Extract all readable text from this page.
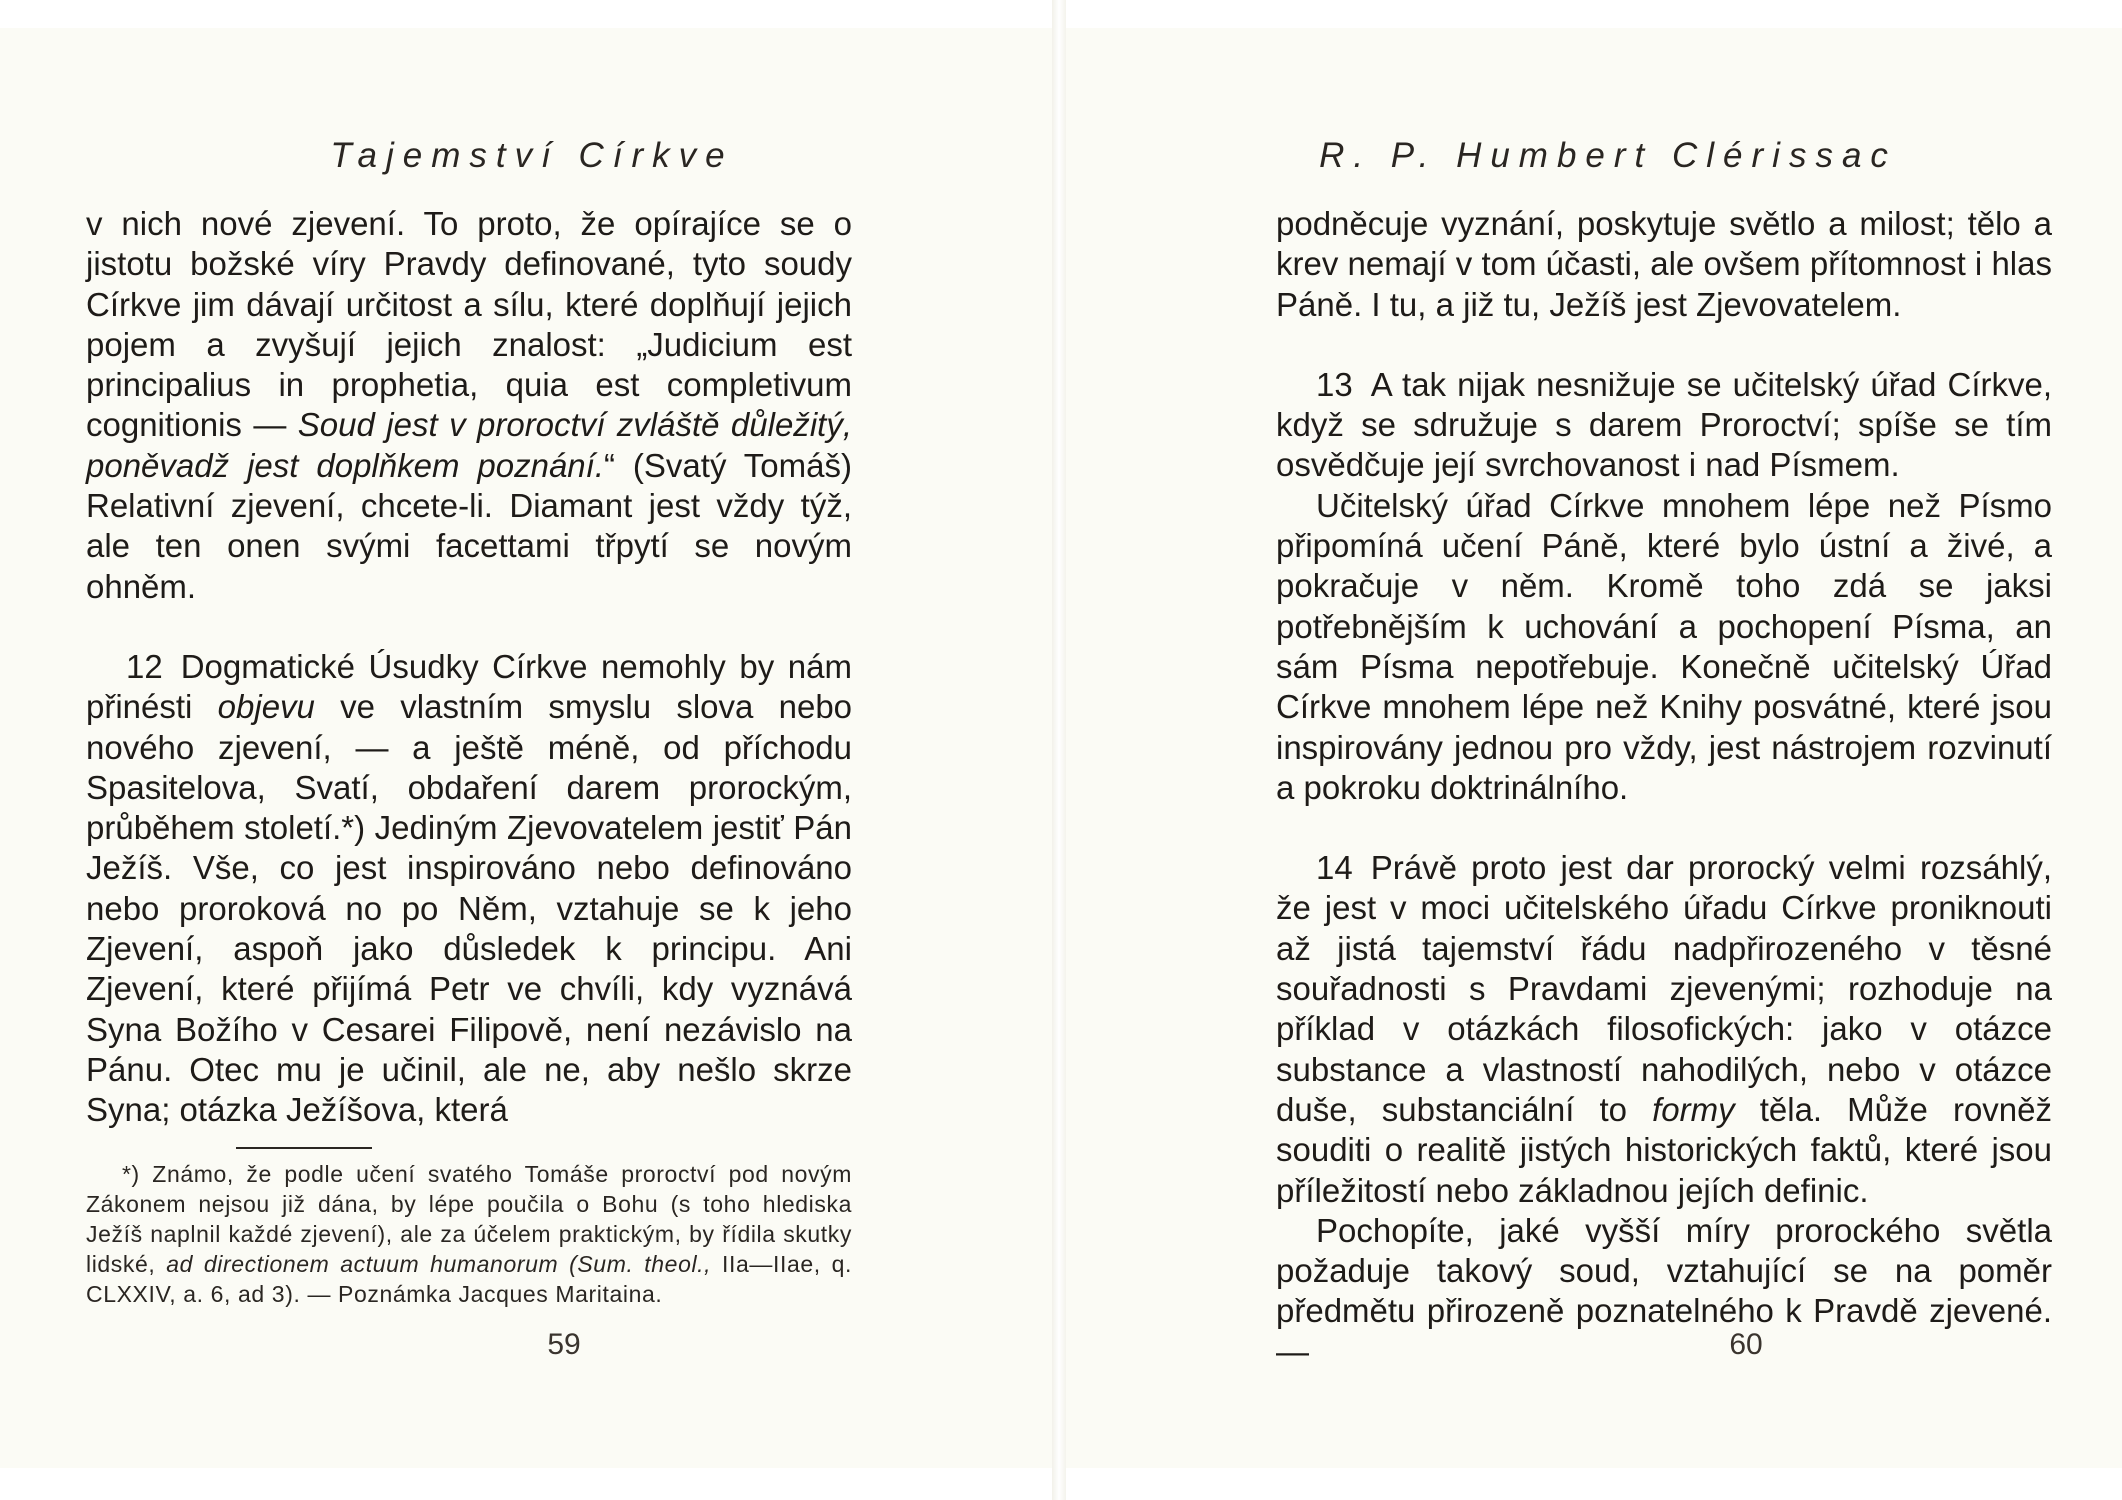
Tajemství Církve

v nich nové zjevení. To proto, že opírajíce se o jistotu božské víry Pravdy definované, tyto soudy Církve jim dávají určitost a sílu, které doplňují jejich pojem a zvyšují jejich znalost: „Judicium est principalius in prophetia, quia est completivum cognitionis — Soud jest v proroctví zvláště důležitý, poněvadž jest doplňkem poznání.“ (Svatý Tomáš) Relativní zjevení, chcete-li. Diamant jest vždy týž, ale ten onen svými facettami třpytí se novým ohněm.

12 Dogmatické Úsudky Církve nemohly by nám přinésti objevu ve vlastním smyslu slova nebo nového zjevení, — a ještě méně, od příchodu Spasitelova, Svatí, obdaření darem prorockým, průběhem století.*) Jediným Zjevovatelem jestiť Pán Ježíš. Vše, co jest inspirováno nebo definováno nebo proroková no po Něm, vztahuje se k jeho Zjevení, aspoň jako důsledek k principu. Ani Zjevení, které přijímá Petr ve chvíli, kdy vyznává Syna Božího v Cesarei Filipově, není nezávislo na Pánu. Otec mu je učinil, ale ne, aby nešlo skrze Syna; otázka Ježíšova, která

*) Známo, že podle učení svatého Tomáše proroctví pod novým Zákonem nejsou již dána, by lépe poučila o Bohu (s toho hlediska Ježíš naplnil každé zjevení), ale za účelem praktickým, by řídila skutky lidské, ad directionem actuum humanorum (Sum. theol., IIa—IIae, q. CLXXIV, a. 6, ad 3). — Poznámka Jacques Maritaina.

59
R. P. Humbert Clérissac

podněcuje vyznání, poskytuje světlo a milost; tělo a krev nemají v tom účasti, ale ovšem přítomnost i hlas Páně. I tu, a již tu, Ježíš jest Zjevovatelem.

13 A tak nijak nesnižuje se učitelský úřad Církve, když se sdružuje s darem Proroctví; spíše se tím osvědčuje její svrchovanost i nad Písmem.

Učitelský úřad Církve mnohem lépe než Písmo připomíná učení Páně, které bylo ústní a živé, a pokračuje v něm. Kromě toho zdá se jaksi potřebnějším k uchování a pochopení Písma, an sám Písma nepotřebuje. Konečně učitelský Úřad Církve mnohem lépe než Knihy posvátné, které jsou inspirovány jednou pro vždy, jest nástrojem rozvinutí a pokroku doktrinálního.

14 Právě proto jest dar prorocký velmi rozsáhlý, že jest v moci učitelského úřadu Církve proniknouti až jistá tajemství řádu nadpřirozeného v těsné souřadnosti s Pravdami zjevenými; rozhoduje na příklad v otázkách filosofických: jako v otázce substance a vlastností nahodilých, nebo v otázce duše, substanciální to formy těla. Může rovněž souditi o realitě jistých historických faktů, které jsou příležitostí nebo základnou jejích definic.

Pochopíte, jaké vyšší míry prorockého světla požaduje takový soud, vztahující se na poměr předmětu přirozeně poznatelného k Pravdě zjevené. —	60
